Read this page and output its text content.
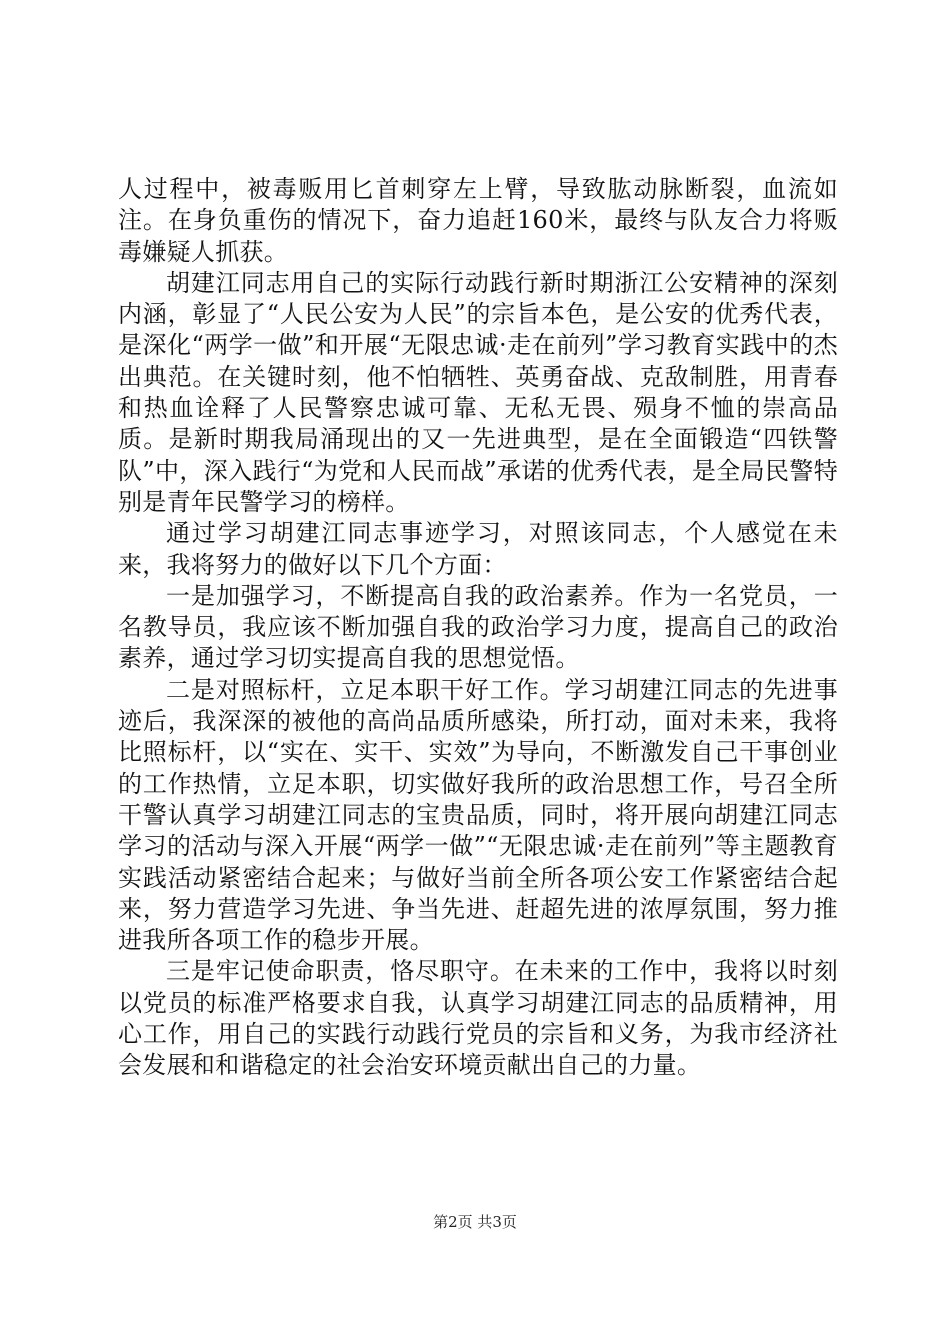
人过程中，被毒贩用匕首刺穿左上臂，导致肱动脉断裂，血流如注。在身负重伤的情况下，奋力追赶160米，最终与队友合力将贩毒嫌疑人抓获。

胡建江同志用自己的实际行动践行新时期浙江公安精神的深刻内涵，彰显了“人民公安为人民”的宗旨本色，是公安的优秀代表，是深化“两学一做”和开展“无限忠诚·走在前列”学习教育实践中的杰出典范。在关键时刻，他不怕牺牲、英勇奋战、克敌制胜，用青春和热血诠释了人民警察忠诚可靠、无私无畏、殒身不恤的崇高品质。是新时期我局涌现出的又一先进典型，是在全面锻造“四铁警队”中，深入践行“为党和人民而战”承诺的优秀代表，是全局民警特别是青年民警学习的榜样。

通过学习胡建江同志事迹学习，对照该同志，个人感觉在未来，我将努力的做好以下几个方面：

一是加强学习，不断提高自我的政治素养。作为一名党员，一名教导员，我应该不断加强自我的政治学习力度，提高自己的政治素养，通过学习切实提高自我的思想觉悟。

二是对照标杆，立足本职干好工作。学习胡建江同志的先进事迹后，我深深的被他的高尚品质所感染，所打动，面对未来，我将比照标杆，以“实在、实干、实效”为导向，不断激发自己干事创业的工作热情，立足本职，切实做好我所的政治思想工作，号召全所干警认真学习胡建江同志的宝贵品质，同时，将开展向胡建江同志学习的活动与深入开展“两学一做”“无限忠诚·走在前列”等主题教育实践活动紧密结合起来；与做好当前全所各项公安工作紧密结合起来，努力营造学习先进、争当先进、赶超先进的浓厚氛围，努力推进我所各项工作的稳步开展。

三是牢记使命职责，恪尽职守。在未来的工作中，我将以时刻以党员的标准严格要求自我，认真学习胡建江同志的品质精神，用心工作，用自己的实践行动践行党员的宗旨和义务，为我市经济社会发展和和谐稳定的社会治安环境贡献出自己的力量。

第2页 共3页
